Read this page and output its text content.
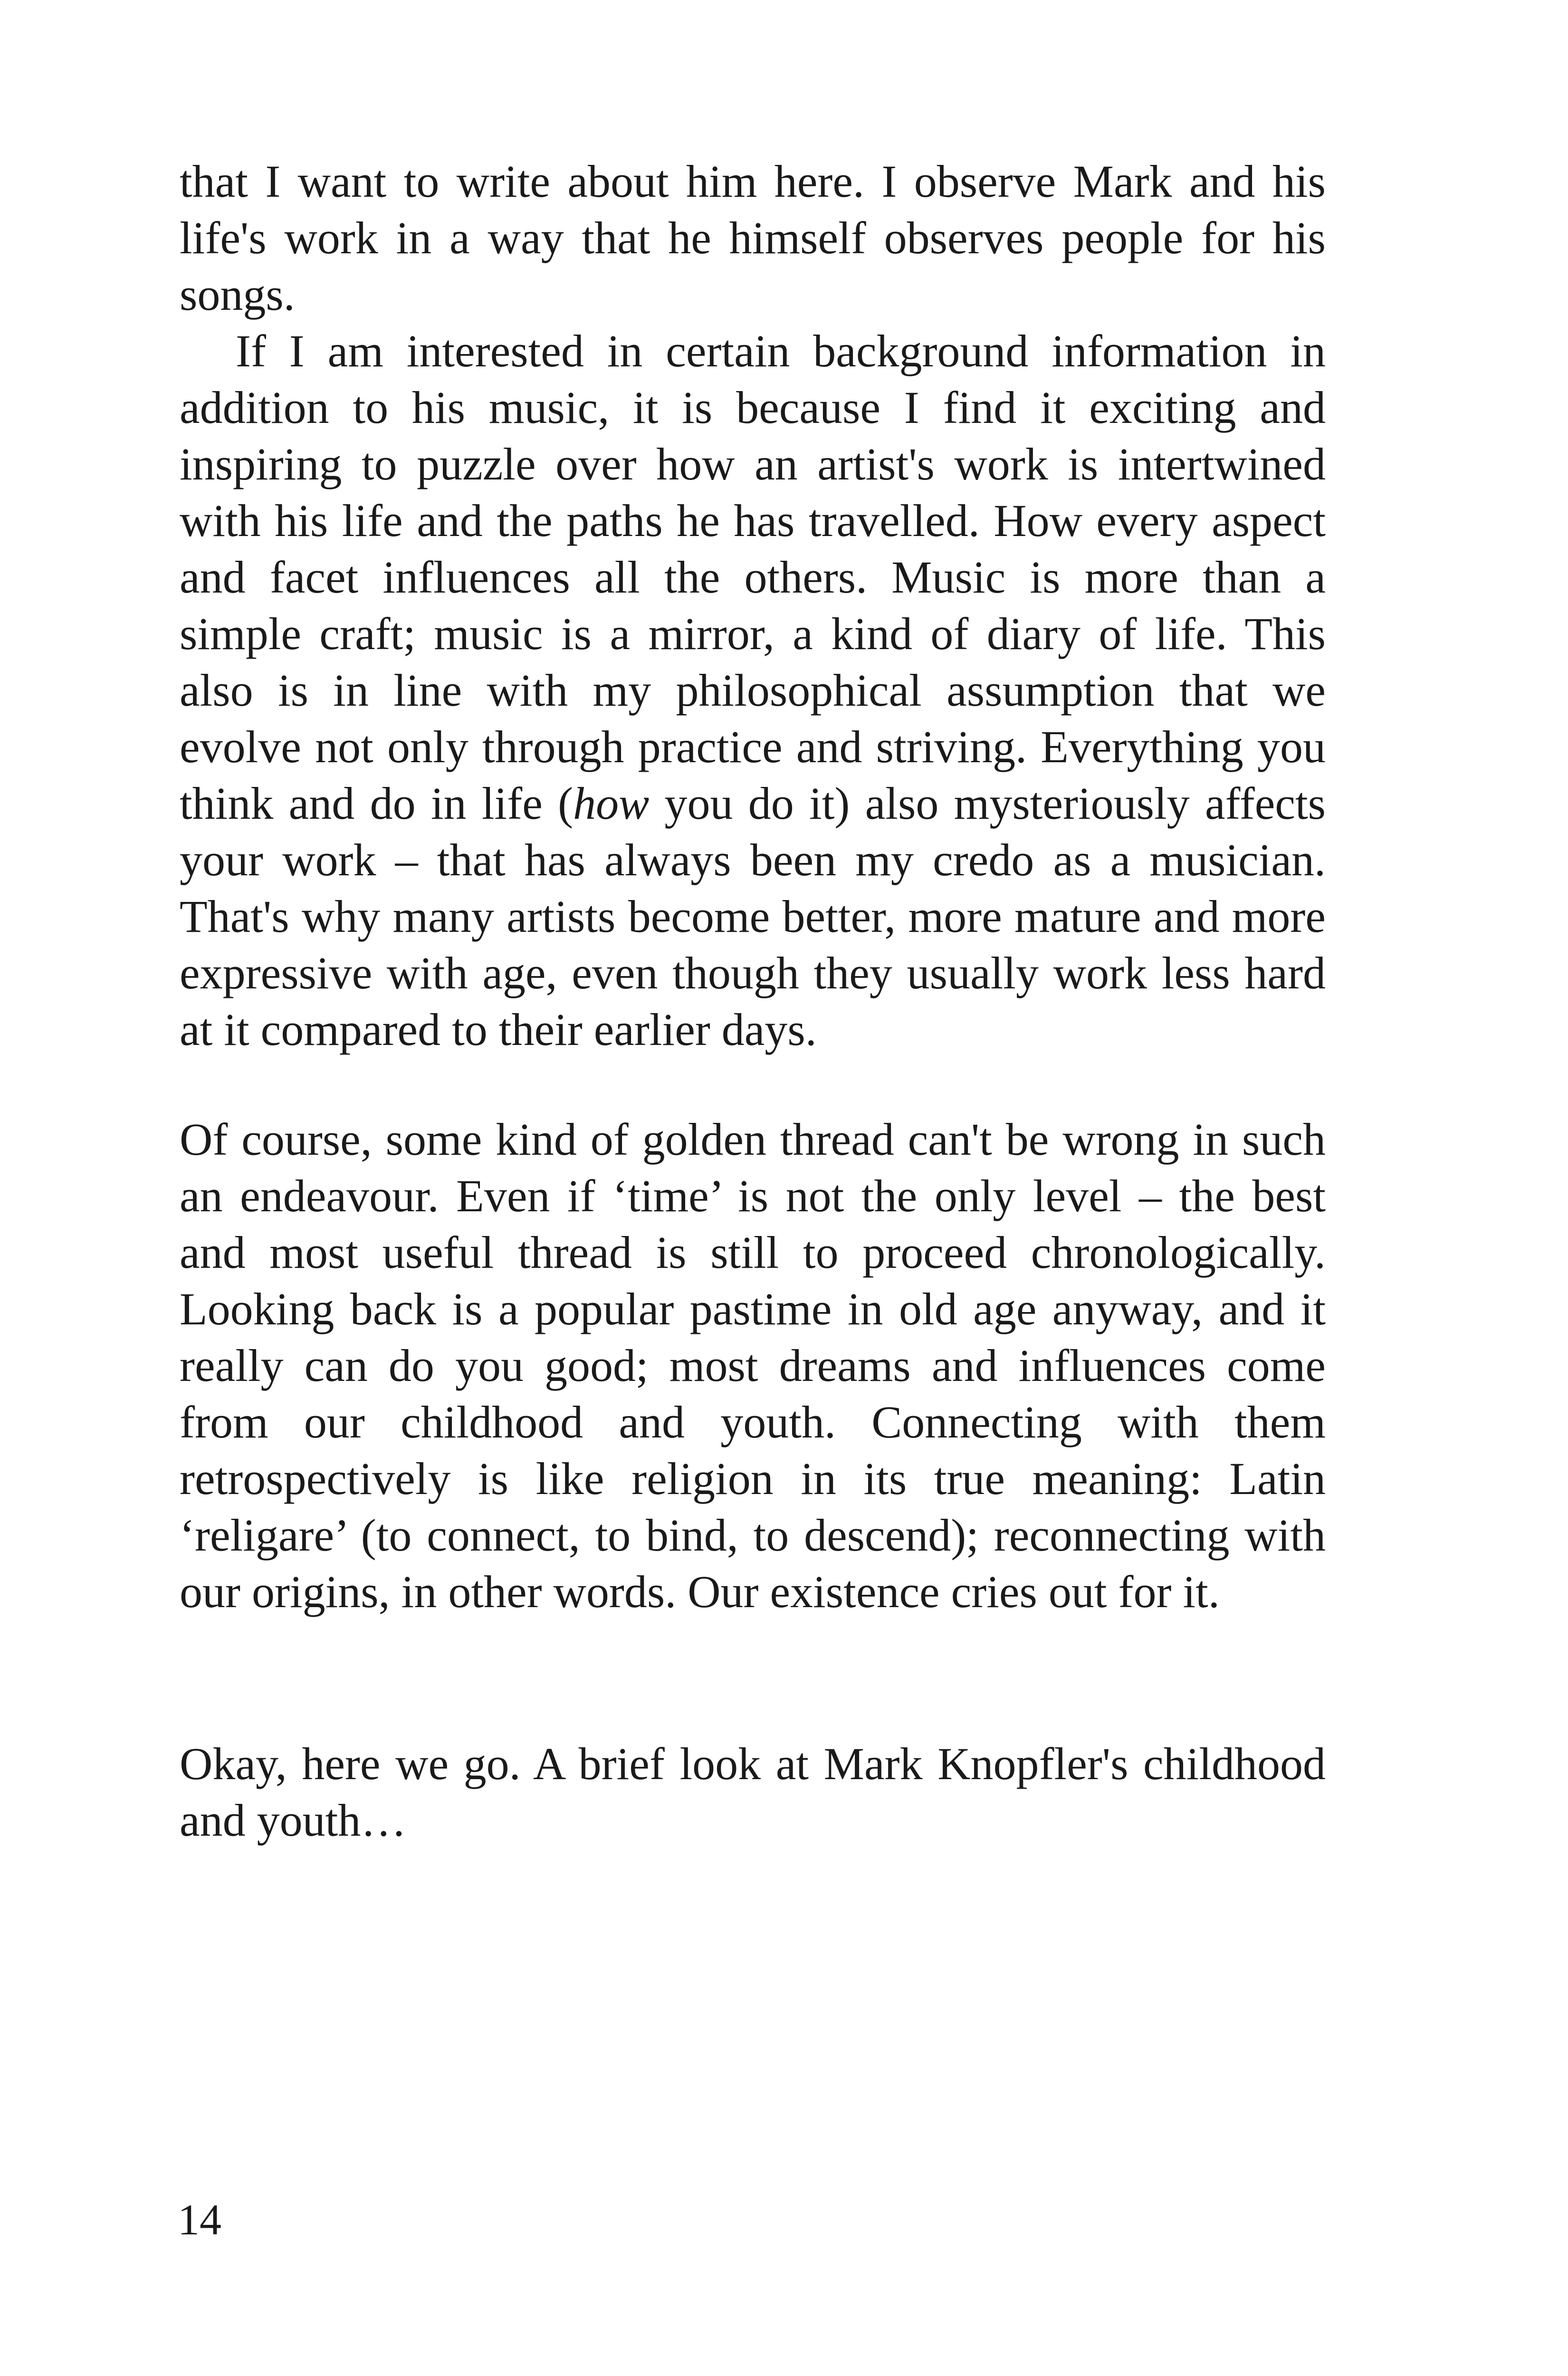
that I want to write about him here. I observe Mark and his life's work in a way that he himself observes people for his songs.

If I am interested in certain background information in addition to his music, it is because I find it exciting and inspiring to puzzle over how an artist's work is intertwined with his life and the paths he has travelled. How every aspect and facet influences all the others. Music is more than a simple craft; music is a mirror, a kind of diary of life. This also is in line with my philosophical assumption that we evolve not only through practice and striving. Everything you think and do in life (how you do it) also mysteriously affects your work – that has always been my credo as a musician. That's why many artists become better, more mature and more expressive with age, even though they usually work less hard at it compared to their earlier days.

Of course, some kind of golden thread can't be wrong in such an endeavour. Even if ‘time’ is not the only level – the best and most useful thread is still to proceed chronologically. Looking back is a popular pastime in old age anyway, and it really can do you good; most dreams and influences come from our childhood and youth. Connecting with them retrospectively is like religion in its true meaning: Latin ‘religare’ (to connect, to bind, to descend); reconnecting with our origins, in other words. Our existence cries out for it.

Okay, here we go. A brief look at Mark Knopfler's childhood and youth…

14
